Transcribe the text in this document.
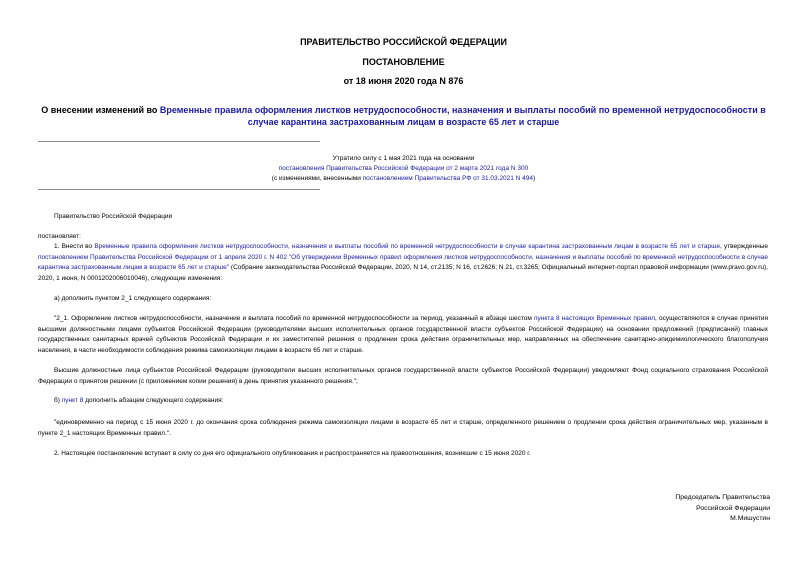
ПРАВИТЕЛЬСТВО РОССИЙСКОЙ ФЕДЕРАЦИИ
ПОСТАНОВЛЕНИЕ
от 18 июня 2020 года N 876
О внесении изменений во Временные правила оформления листков нетрудоспособности, назначения и выплаты пособий по временной нетрудоспособности в случае карантина застрахованным лицам в возрасте 65 лет и старше
Утратило силу с 1 мая 2021 года на основании
постановления Правительства Российской Федерации от 2 марта 2021 года N 300
(с изменениями, внесенными постановлением Правительства РФ от 31.03.2021 N 494)
Правительство Российской Федерации
постановляет:
1. Внести во Временные правила оформления листков нетрудоспособности, назначения и выплаты пособий по временной нетрудоспособности в случае карантина застрахованным лицам в возрасте 65 лет и старше, утвержденные постановлением Правительства Российской Федерации от 1 апреля 2020 г. N 402 "Об утверждении Временных правил оформления листков нетрудоспособности, назначения и выплаты пособий по временной нетрудоспособности в случае карантина застрахованным лицам в возрасте 65 лет и старше" (Собрание законодательства Российской Федерации, 2020, N 14, ст.2135; N 16, ст.2626; N 21, ст.3265; Официальный интернет-портал правовой информации (www.pravo.gov.ru), 2020, 1 июня, N 0001202006010046), следующие изменения:
а) дополнить пунктом 2_1 следующего содержания:
"2_1. Оформление листков нетрудоспособности, назначение и выплата пособий по временной нетрудоспособности за период, указанный в абзаце шестом пункта 8 настоящих Временных правил, осуществляются в случае принятия высшими должностными лицами субъектов Российской Федерации (руководителями высших исполнительных органов государственной власти субъектов Российской Федерации) на основании предложений (предписаний) главных государственных санитарных врачей субъектов Российской Федерации и их заместителей решения о продлении срока действия ограничительных мер, направленных на обеспечение санитарно-эпидемиологического благополучия населения, в части необходимости соблюдения режима самоизоляции лицами в возрасте 65 лет и старше.
Высшие должностные лица субъектов Российской Федерации (руководители высших исполнительных органов государственной власти субъектов Российской Федерации) уведомляют Фонд социального страхования Российской Федерации о принятом решении (с приложением копии решения) в день принятия указанного решения.";
б) пункт 8 дополнить абзацем следующего содержания:
"единовременно на период с 15 июня 2020 г. до окончания срока соблюдения режима самоизоляции лицами в возрасте 65 лет и старше, определенного решением о продлении срока действия ограничительных мер, указанным в пункте 2_1 настоящих Временных правил.".
2. Настоящее постановление вступает в силу со дня его официального опубликования и распространяется на правоотношения, возникшие с 15 июня 2020 г.
Председатель Правительства
Российской Федерации
М.Мишустин
